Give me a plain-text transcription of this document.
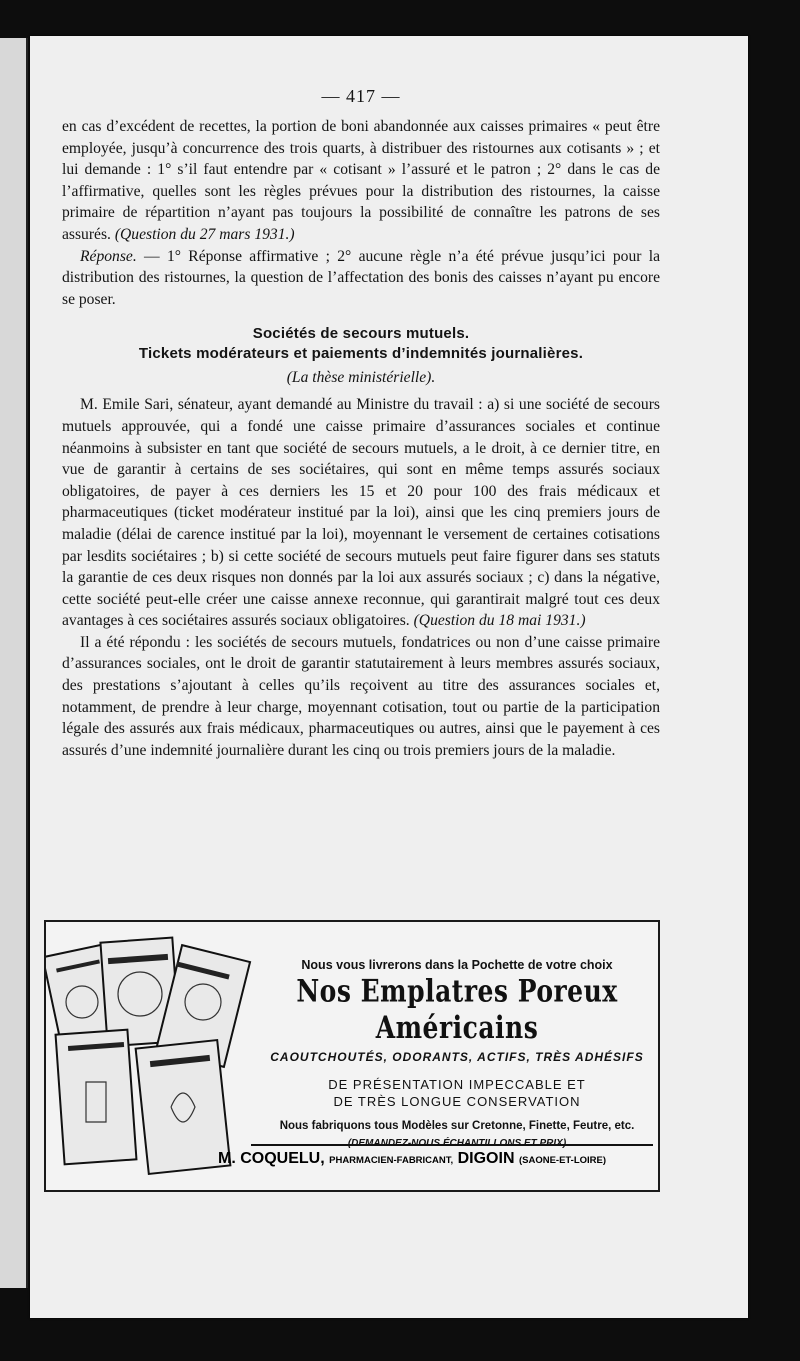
— 417 —

en cas d’excédent de recettes, la portion de boni abandonnée aux caisses primaires « peut être employée, jusqu’à concurrence des trois quarts, à distribuer des ristournes aux cotisants » ; et lui demande : 1° s’il faut entendre par « cotisant » l’assuré et le patron ; 2° dans le cas de l’affirmative, quelles sont les règles prévues pour la distribution des ristournes, la caisse primaire de répartition n’ayant pas toujours la possibilité de connaître les patrons de ses assurés. (Question du 27 mars 1931.)

Réponse. — 1° Réponse affirmative ; 2° aucune règle n’a été prévue jusqu’ici pour la distribution des ristournes, la question de l’affectation des bonis des caisses n’ayant pu encore se poser.

Sociétés de secours mutuels.
Tickets modérateurs et paiements d’indemnités journalières.
(La thèse ministérielle).

M. Emile Sari, sénateur, ayant demandé au Ministre du travail : a) si une société de secours mutuels approuvée, qui a fondé une caisse primaire d’assurances sociales et continue néanmoins à subsister en tant que société de secours mutuels, a le droit, à ce dernier titre, en vue de garantir à certains de ses sociétaires, qui sont en même temps assurés sociaux obligatoires, de payer à ces derniers les 15 et 20 pour 100 des frais médicaux et pharmaceutiques (ticket modérateur institué par la loi), ainsi que les cinq premiers jours de maladie (délai de carence institué par la loi), moyennant le versement de certaines cotisations par lesdits sociétaires ; b) si cette société de secours mutuels peut faire figurer dans ses statuts la garantie de ces deux risques non donnés par la loi aux assurés sociaux ; c) dans la négative, cette société peut-elle créer une caisse annexe reconnue, qui garantirait malgré tout ces deux avantages à ces sociétaires assurés sociaux obligatoires. (Question du 18 mai 1931.)

Il a été répondu : les sociétés de secours mutuels, fondatrices ou non d’une caisse primaire d’assurances sociales, ont le droit de garantir statutairement à leurs membres assurés sociaux, des prestations s’ajoutant à celles qu’ils reçoivent au titre des assurances sociales et, notamment, de prendre à leur charge, moyennant cotisation, tout ou partie de la participation légale des assurés aux frais médicaux, pharmaceutiques ou autres, ainsi que le payement à ces assurés d’une indemnité journalière durant les cinq ou trois premiers jours de la maladie.

Nous vous livrerons dans la Pochette de votre choix
Nos Emplatres Poreux Américains
CAOUTCHOUTÉS, ODORANTS, ACTIFS, TRÈS ADHÉSIFS
DE PRÉSENTATION IMPECCABLE ET
DE TRÈS LONGUE CONSERVATION
Nous fabriquons tous Modèles sur Cretonne, Finette, Feutre, etc.
(DEMANDEZ-NOUS ÉCHANTILLONS ET PRIX)
M. COQUELU, PHARMACIEN-FABRICANT, DIGOIN (SAONE-ET-LOIRE)
